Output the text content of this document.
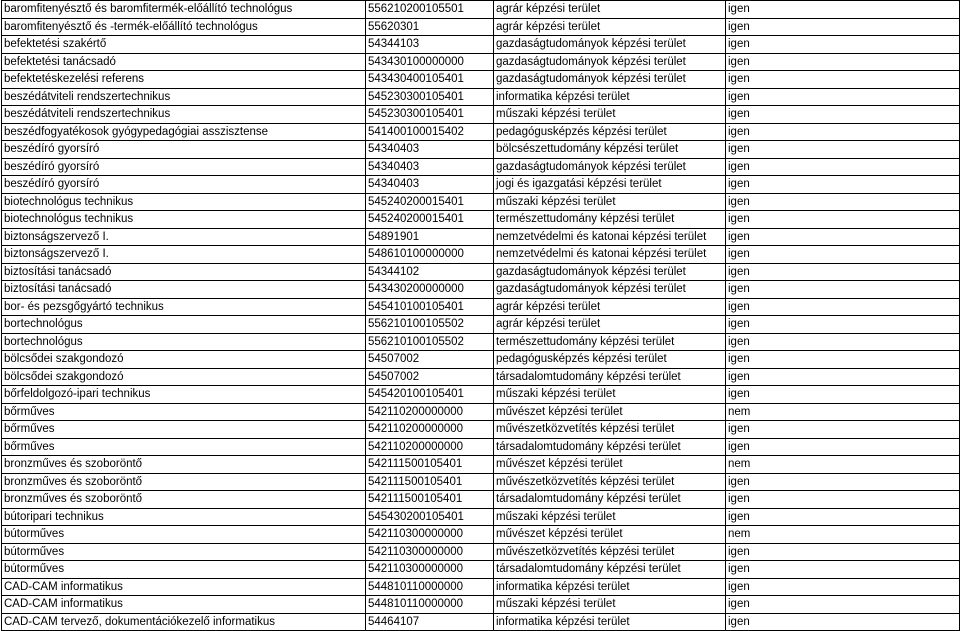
baromfitenyésztő és baromfitermék-előállító technológus	556210200105501	agrár képzési terület	igen
baromfitenyésztő és -termék-előállító technológus	55620301	agrár képzési terület	igen
befektetési szakértő	54344103	gazdaságtudományok képzési terület	igen
befektetési tanácsadó	543430100000000	gazdaságtudományok képzési terület	igen
befektetéskezelési referens	543430400105401	gazdaságtudományok képzési terület	igen
beszédátviteli rendszertechnikus	545230300105401	informatika képzési terület	igen
beszédátviteli rendszertechnikus	545230300105401	műszaki képzési terület	igen
beszédfogyatékosok gyógypedagógiai asszisztense	541400100015402	pedagógusképzés képzési terület	igen
beszédíró gyorsíró	54340403	bölcsészettudomány képzési terület	igen
beszédíró gyorsíró	54340403	gazdaságtudományok képzési terület	igen
beszédíró gyorsíró	54340403	jogi és igazgatási képzési terület	igen
biotechnológus technikus	545240200015401	műszaki képzési terület	igen
biotechnológus technikus	545240200015401	természettudomány képzési terület	igen
biztonságszervező I.	54891901	nemzetvédelmi és katonai képzési terület	igen
biztonságszervező I.	548610100000000	nemzetvédelmi és katonai képzési terület	igen
biztosítási tanácsadó	54344102	gazdaságtudományok képzési terület	igen
biztosítási tanácsadó	543430200000000	gazdaságtudományok képzési terület	igen
bor- és pezsgőgyártó technikus	545410100105401	agrár képzési terület	igen
bortechnológus	556210100105502	agrár képzési terület	igen
bortechnológus	556210100105502	természettudomány képzési terület	igen
bölcsődei szakgondozó	54507002	pedagógusképzés képzési terület	igen
bölcsődei szakgondozó	54507002	társadalomtudomány képzési terület	igen
bőrfeldolgozó-ipari technikus	545420100105401	műszaki képzési terület	igen
bőrműves	542110200000000	művészet képzési terület	nem
bőrműves	542110200000000	művészetközvetítés képzési terület	igen
bőrműves	542110200000000	társadalomtudomány képzési terület	igen
bronzműves és szoboröntő	542111500105401	művészet képzési terület	nem
bronzműves és szoboröntő	542111500105401	művészetközvetítés képzési terület	igen
bronzműves és szoboröntő	542111500105401	társadalomtudomány képzési terület	igen
bútoripari technikus	545430200105401	műszaki képzési terület	igen
bútorműves	542110300000000	művészet képzési terület	nem
bútorműves	542110300000000	művészetközvetítés képzési terület	igen
bútorműves	542110300000000	társadalomtudomány képzési terület	igen
CAD-CAM informatikus	544810110000000	informatika képzési terület	igen
CAD-CAM informatikus	544810110000000	műszaki képzési terület	igen
CAD-CAM tervező, dokumentációkezelő informatikus	54464107	informatika képzési terület	igen
